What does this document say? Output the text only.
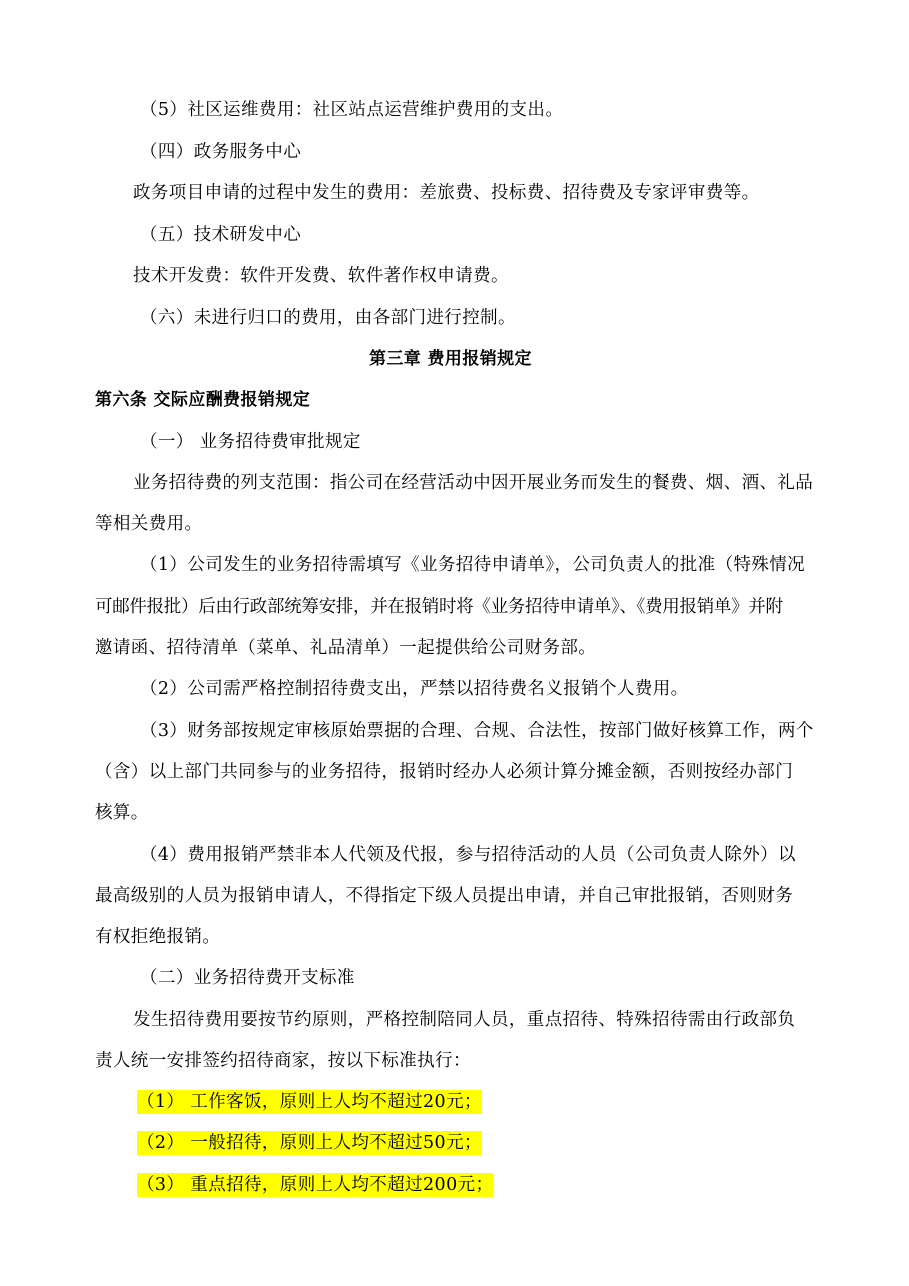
（5）社区运维费用：社区站点运营维护费用的支出。
（四）政务服务中心
政务项目申请的过程中发生的费用：差旅费、投标费、招待费及专家评审费等。
（五）技术研发中心
技术开发费：软件开发费、软件著作权申请费。
（六）未进行归口的费用，由各部门进行控制。
第三章 费用报销规定
第六条 交际应酬费报销规定
（一） 业务招待费审批规定
业务招待费的列支范围：指公司在经营活动中因开展业务而发生的餐费、烟、酒、礼品
等相关费用。
（1）公司发生的业务招待需填写《业务招待申请单》，公司负责人的批准（特殊情况
可邮件报批）后由行政部统筹安排，并在报销时将《业务招待申请单》、《费用报销单》并附
邀请函、招待清单（菜单、礼品清单）一起提供给公司财务部。
（2）公司需严格控制招待费支出，严禁以招待费名义报销个人费用。
（3）财务部按规定审核原始票据的合理、合规、合法性，按部门做好核算工作，两个
（含）以上部门共同参与的业务招待，报销时经办人必须计算分摊金额，否则按经办部门
核算。
（4）费用报销严禁非本人代领及代报，参与招待活动的人员（公司负责人除外）以
最高级别的人员为报销申请人，不得指定下级人员提出申请，并自己审批报销，否则财务
有权拒绝报销。
（二）业务招待费开支标准
发生招待费用要按节约原则，严格控制陪同人员，重点招待、特殊招待需由行政部负
责人统一安排签约招待商家，按以下标准执行：
（1） 工作客饭，原则上人均不超过20元；
（2） 一般招待，原则上人均不超过50元；
（3） 重点招待，原则上人均不超过200元；
